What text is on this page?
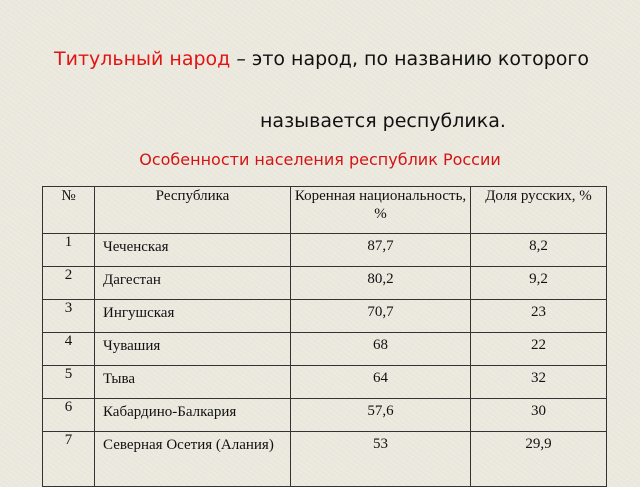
Титульный народ – это народ, по названию которого
называется республика.
Особенности населения республик России
№	Республика	Коренная национальность, %	Доля русских, %
1	Чеченская	87,7	8,2
2	Дагестан	80,2	9,2
3	Ингушская	70,7	23
4	Чувашия	68	22
5	Тыва	64	32
6	Кабардино-Балкария	57,6	30
7	Северная Осетия (Алания)	53	29,9
